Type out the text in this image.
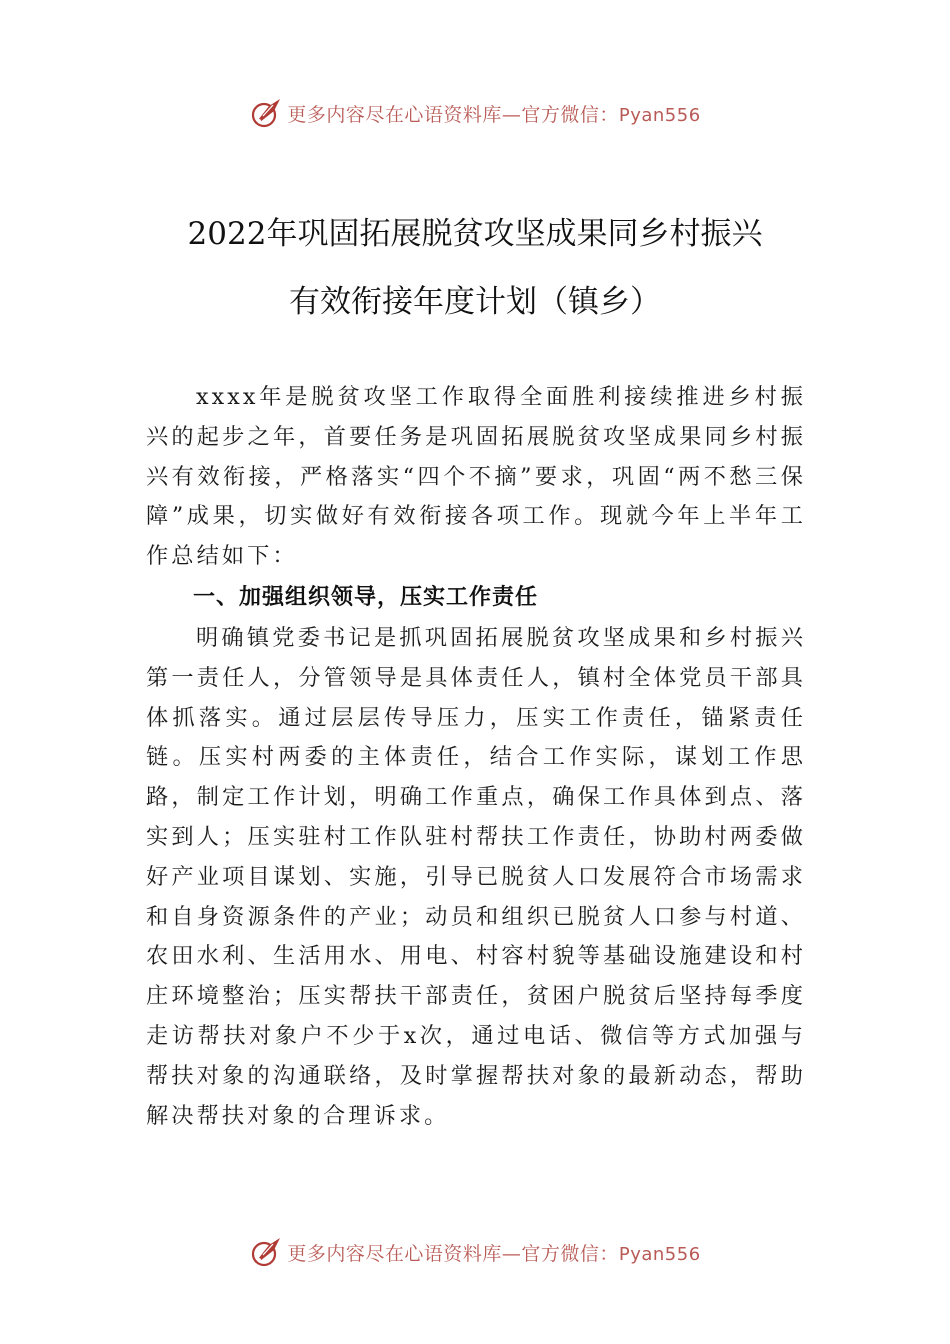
更多内容尽在心语资料库—官方微信：Pyan556
2022年巩固拓展脱贫攻坚成果同乡村振兴
有效衔接年度计划（镇乡）

xxxx年是脱贫攻坚工作取得全面胜利接续推进乡村振兴的起步之年，首要任务是巩固拓展脱贫攻坚成果同乡村振兴有效衔接，严格落实“四个不摘”要求，巩固“两不愁三保障”成果，切实做好有效衔接各项工作。现就今年上半年工作总结如下：

一、加强组织领导，压实工作责任

明确镇党委书记是抓巩固拓展脱贫攻坚成果和乡村振兴第一责任人，分管领导是具体责任人，镇村全体党员干部具体抓落实。通过层层传导压力，压实工作责任，锚紧责任链。压实村两委的主体责任，结合工作实际，谋划工作思路，制定工作计划，明确工作重点，确保工作具体到点、落实到人；压实驻村工作队驻村帮扶工作责任，协助村两委做好产业项目谋划、实施，引导已脱贫人口发展符合市场需求和自身资源条件的产业；动员和组织已脱贫人口参与村道、农田水利、生活用水、用电、村容村貌等基础设施建设和村庄环境整治；压实帮扶干部责任，贫困户脱贫后坚持每季度走访帮扶对象户不少于x次，通过电话、微信等方式加强与帮扶对象的沟通联络，及时掌握帮扶对象的最新动态，帮助解决帮扶对象的合理诉求。

更多内容尽在心语资料库—官方微信：Pyan556
